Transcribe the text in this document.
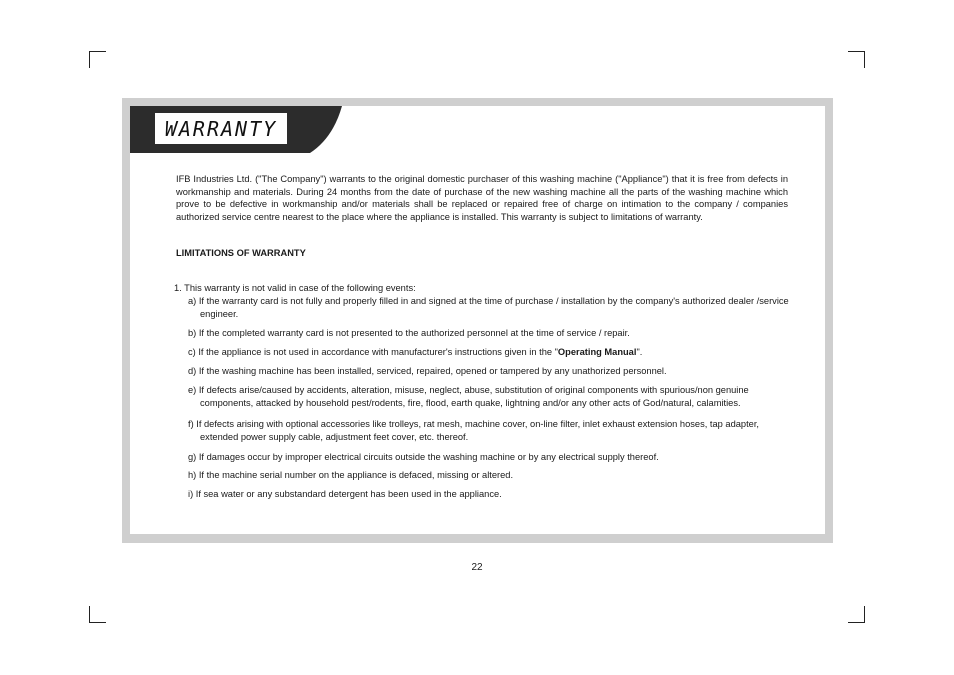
WARRANTY
IFB Industries Ltd. ("The Company") warrants to the original domestic purchaser of this washing machine ("Appliance") that it is free from defects in workmanship and materials. During 24 months from the date of purchase of the new washing machine all the parts of the washing machine which prove to be defective in workmanship and/or materials shall be replaced or repaired free of charge on intimation to the company / companies authorized service centre nearest to the place where the appliance is installed. This warranty is subject to limitations of warranty.
LIMITATIONS OF WARRANTY
1. This warranty is not valid in case of the following events:
a) If the warranty card is not fully and properly filled in and signed at the time of purchase / installation by the company's authorized dealer /service engineer.
b) If the completed warranty card is not presented to the authorized personnel at the time of service / repair.
c) If the appliance is not used in accordance with manufacturer's instructions given in the "Operating Manual".
d) If the washing machine has been installed, serviced, repaired, opened or tampered by any unathorized personnel.
e) If defects arise/caused by accidents, alteration, misuse, neglect, abuse, substitution of original components with spurious/non genuine components, attacked by household pest/rodents, fire, flood, earth quake, lightning and/or any other acts of God/natural, calamities.
f) If defects arising with optional accessories like trolleys, rat mesh, machine cover, on-line filter, inlet exhaust extension hoses, tap adapter, extended power supply cable, adjustment feet cover, etc. thereof.
g) If damages occur by improper electrical circuits outside the washing machine or by any electrical supply thereof.
h) If the machine serial number on the appliance is defaced, missing or altered.
i) If sea water or any substandard detergent has been used in the appliance.
22
